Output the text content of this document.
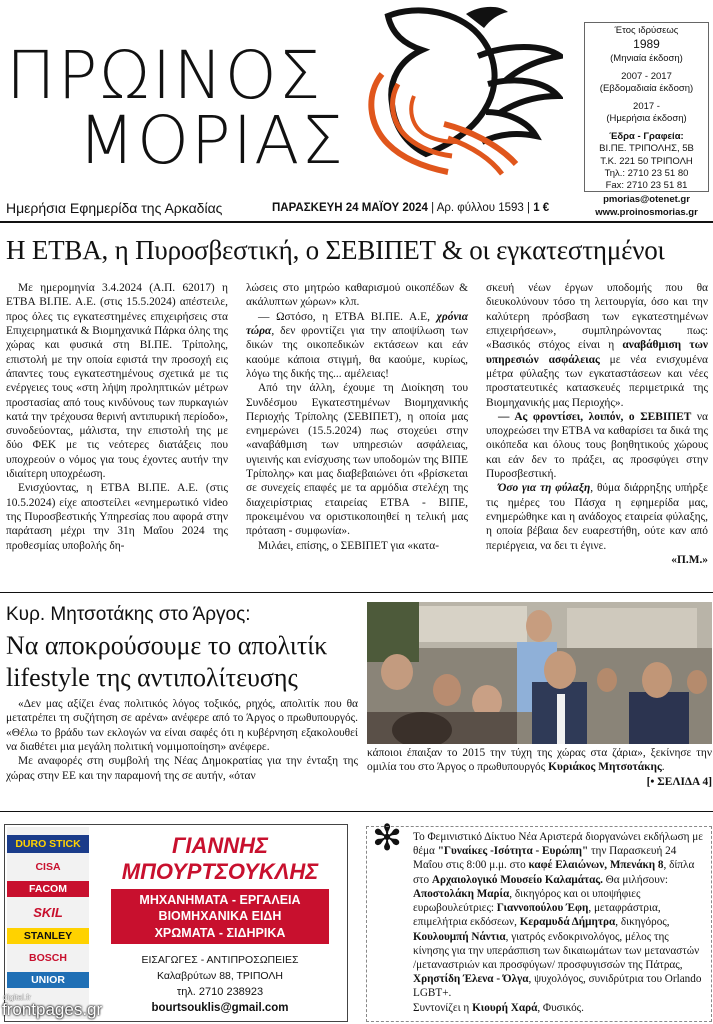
ΠΡΩΙΝΟΣ
ΜΟΡΙΑΣ
Έτος ιδρύσεως
1989
(Μηνιαία έκδοση)
2007 - 2017
(Εβδομαδιαία έκδοση)
2017 -
(Ημερήσια έκδοση)
Έδρα - Γραφεία:
ΒΙ.ΠΕ. ΤΡΙΠΟΛΗΣ, 5Β
Τ.Κ. 221 50 ΤΡΙΠΟΛΗ
Τηλ.: 2710 23 51 80
Fax: 2710 23 51 81
pmorias@otenet.gr
www.proinosmorias.gr
Ημερήσια Εφημερίδα της Αρκαδίας	ΠΑΡΑΣΚΕΥΗ 24 ΜΑΪΟΥ 2024 | Αρ. φύλλου 1593 | 1 €
Η ΕΤΒΑ, η Πυροσβεστική, ο ΣΕΒΙΠΕΤ & οι εγκατεστημένοι

Με ημερομηνία 3.4.2024 (Α.Π. 62017) η ΕΤΒΑ ΒΙ.ΠΕ. Α.Ε. (στις 15.5.2024) απέστειλε, προς όλες τις εγκατεστημένες επιχειρήσεις στα Επιχειρηματικά & Βιομηχανικά Πάρκα όλης της χώρας και φυσικά στη ΒΙ.ΠΕ. Τρίπολης, επιστολή με την οποία εφιστά την προσοχή εις άπαντες τους εγκατεστημένους σχετικά με τις ενέργειες τους «στη λήψη προληπτικών μέτρων προστασίας από τους κινδύνους των πυρκαγιών κατά την τρέχουσα θερινή αντιπυρική περίοδο», συνοδεύοντας, μάλιστα, την επιστολή της με δύο ΦΕΚ με τις νεότερες διατάξεις που υποχρεούν ο νόμος για τους έχοντες αυτήν την ιδιαίτερη υποχρέωση.

Ενισχύοντας, η ΕΤΒΑ ΒΙ.ΠΕ. Α.Ε. (στις 10.5.2024) είχε αποστείλει «ενημερωτικό video της Πυροσβεστικής Υπηρεσίας που αφορά στην παράταση μέχρι την 31η Μαΐου 2024 της προθεσμίας υποβολής δη-

λώσεις στο μητρώο καθαρισμού οικοπέδων & ακάλυπτων χώρων» κλπ.

— Ωστόσο, η ΕΤΒΑ ΒΙ.ΠΕ. Α.Ε, χρόνια τώρα, δεν φροντίζει για την αποψίλωση των δικών της οικοπεδικών εκτάσεων και εάν καούμε κάποια στιγμή, θα καούμε, κυρίως, λόγω της δικής της... αμέλειας!

Από την άλλη, έχουμε τη Διοίκηση του Συνδέσμου Εγκατεστημένων Βιομηχανικής Περιοχής Τρίπολης (ΣΕΒΙΠΕΤ), η οποία μας ενημερώνει (15.5.2024) πως στοχεύει στην «αναβάθμιση των υπηρεσιών ασφάλειας, υγιεινής και ενίσχυσης των υποδομών της ΒΙΠΕ Τρίπολης» και μας διαβεβαιώνει ότι «βρίσκεται σε συνεχείς επαφές με τα αρμόδια στελέχη της διαχειρίστριας εταιρείας ΕΤΒΑ - ΒΙΠΕ, προκειμένου να οριστικοποιηθεί η τελική μας πρόταση - συμφωνία».

Μιλάει, επίσης, ο ΣΕΒΙΠΕΤ για «κατα-

σκευή νέων έργων υποδομής που θα διευκολύνουν τόσο τη λειτουργία, όσο και την καλύτερη πρόσβαση των εγκατεστημένων επιχειρήσεων», συμπληρώνοντας πως: «Βασικός στόχος είναι η αναβάθμιση των υπηρεσιών ασφάλειας με νέα ενισχυμένα μέτρα φύλαξης των εγκαταστάσεων και νέες προστατευτικές κατασκευές περιμετρικά της Βιομηχανικής μας Περιοχής».

— Ας φροντίσει, λοιπόν, ο ΣΕΒΙΠΕΤ να υποχρεώσει την ΕΤΒΑ να καθαρίσει τα δικά της οικόπεδα και όλους τους βοηθητικούς χώρους και εάν δεν το πράξει, ας προσφύγει στην Πυροσβεστική.

Όσο για τη φύλαξη, θύμα διάρρηξης υπήρξε τις ημέρες του Πάσχα η εφημερίδα μας, ενημερώθηκε και η ανάδοχος εταιρεία φύλαξης, η οποία βέβαια δεν ευαρεστήθη, ούτε καν από περιέργεια, να δει τι έγινε.

«Π.Μ.»

Κυρ. Μητσοτάκης στο Άργος:
Να αποκρούσουμε το απολιτίκ lifestyle της αντιπολίτευσης

«Δεν μας αξίζει ένας πολιτικός λόγος τοξικός, ρηχός, απολιτίκ που θα μετατρέπει τη συζήτηση σε αρένα» ανέφερε από το Άργος ο πρωθυπουργός. «Θέλω το βράδυ των εκλογών να είναι σαφές ότι η κυβέρνηση εξακολουθεί να διαθέτει μια μεγάλη πολιτική νομιμοποίηση» ανέφερε.

Με αναφορές στη συμβολή της Νέας Δημοκρατίας για την ένταξη της χώρας στην ΕΕ και την παραμονή της σε αυτήν, «όταν

κάποιοι έπαιξαν το 2015 την τύχη της χώρας στα ζάρια», ξεκίνησε την ομιλία του στο Άργος ο πρωθυπουργός Κυριάκος Μητσοτάκης.
[• ΣΕΛΙΔΑ 4]
DURO STICK
CISA
FACOM
SKIL
STANLEY
BOSCH
UNIOR
ΓΙΑΝΝΗΣ
ΜΠΟΥΡΤΣΟΥΚΛΗΣ
ΜΗΧΑΝΗΜΑΤΑ - ΕΡΓΑΛΕΙΑ
ΒΙΟΜΗΧΑΝΙΚΑ ΕΙΔΗ
ΧΡΩΜΑΤΑ - ΣΙΔΗΡΙΚΑ
ΕΙΣΑΓΩΓΕΣ - ΑΝΤΙΠΡΟΣΩΠΕΙΕΣ
Καλαβρύτων 88, ΤΡΙΠΟΛΗ
τηλ. 2710 238923
bourtsouklis@gmail.com
✻ Το Φεμινιστικό Δίκτυο Νέα Αριστερά διοργανώνει εκδήλωση με θέμα "Γυναίκες -Ισότητα - Ευρώπη" την Παρασκευή 24 Μαΐου στις 8:00 μ.μ. στο καφέ Ελαιώνων, Μπενάκη 8, δίπλα στο Αρχαιολογικό Μουσείο Καλαμάτας. Θα μιλήσουν: Αποστολάκη Μαρία, δικηγόρος και οι υποψήφιες ευρωβουλεύτριες: Γιαννοπούλου Έφη, μεταφράστρια, επιμελήτρια εκδόσεων, Κεραμυδά Δήμητρα, δικηγόρος, Κουλουμπή Νάντια, γιατρός ενδοκρινολόγος, μέλος της κίνησης για την υπεράσπιση των δικαιωμάτων των μεταναστών /μεταναστριών και προσφύγων/ προσφυγισσών της Πάτρας, Χρηστίδη Έλενα - Όλγα, ψυχολόγος, συνιδρύτρια του Orlando LGBT+.
Συντονίζει η Κιουρή Χαρά, Φυσικός.
digital.fr
frontpages.gr
